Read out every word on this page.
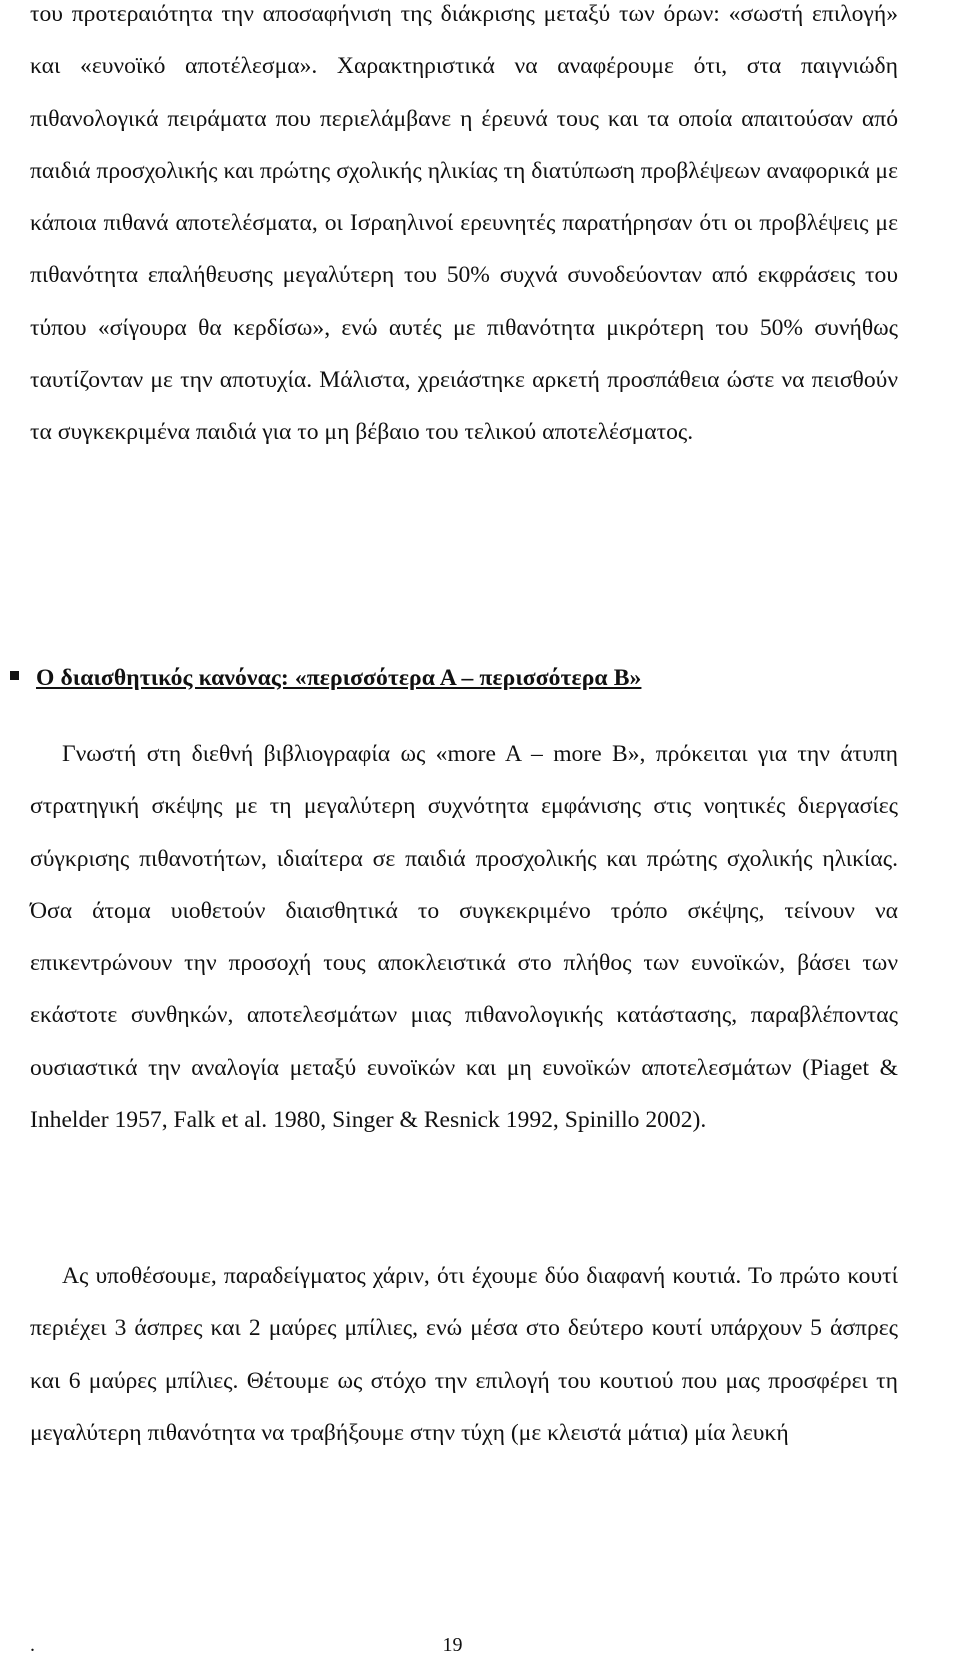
του προτεραιότητα την αποσαφήνιση της διάκρισης μεταξύ των όρων: «σωστή επιλογή» και «ευνοϊκό αποτέλεσμα». Χαρακτηριστικά να αναφέρουμε ότι, στα παιγνιώδη πιθανολογικά πειράματα που περιελάμβανε η έρευνά τους και τα οποία απαιτούσαν από παιδιά προσχολικής και πρώτης σχολικής ηλικίας τη διατύπωση προβλέψεων αναφορικά με κάποια πιθανά αποτελέσματα, οι Ισραηλινοί ερευνητές παρατήρησαν ότι οι προβλέψεις με πιθανότητα επαλήθευσης μεγαλύτερη του 50% συχνά συνοδεύονταν από εκφράσεις του τύπου «σίγουρα θα κερδίσω», ενώ αυτές με πιθανότητα μικρότερη του 50% συνήθως ταυτίζονταν με την αποτυχία. Μάλιστα, χρειάστηκε αρκετή προσπάθεια ώστε να πεισθούν τα συγκεκριμένα παιδιά για το μη βέβαιο του τελικού αποτελέσματος.

Ο διαισθητικός κανόνας: «περισσότερα Α – περισσότερα Β»

Γνωστή στη διεθνή βιβλιογραφία ως «more A – more B», πρόκειται για την άτυπη στρατηγική σκέψης με τη μεγαλύτερη συχνότητα εμφάνισης στις νοητικές διεργασίες σύγκρισης πιθανοτήτων, ιδιαίτερα σε παιδιά προσχολικής και πρώτης σχολικής ηλικίας. Όσα άτομα υιοθετούν διαισθητικά το συγκεκριμένο τρόπο σκέψης, τείνουν να επικεντρώνουν την προσοχή τους αποκλειστικά στο πλήθος των ευνοϊκών, βάσει των εκάστοτε συνθηκών, αποτελεσμάτων μιας πιθανολογικής κατάστασης, παραβλέποντας ουσιαστικά την αναλογία μεταξύ ευνοϊκών και μη ευνοϊκών αποτελεσμάτων (Piaget & Inhelder 1957, Falk et al. 1980, Singer & Resnick 1992, Spinillo 2002).

Ας υποθέσουμε, παραδείγματος χάριν, ότι έχουμε δύο διαφανή κουτιά. Το πρώτο κουτί περιέχει 3 άσπρες και 2 μαύρες μπίλιες, ενώ μέσα στο δεύτερο κουτί υπάρχουν 5 άσπρες και 6 μαύρες μπίλιες. Θέτουμε ως στόχο την επιλογή του κουτιού που μας προσφέρει τη μεγαλύτερη πιθανότητα να τραβήξουμε στην τύχη (με κλειστά μάτια) μία λευκή

.	19
